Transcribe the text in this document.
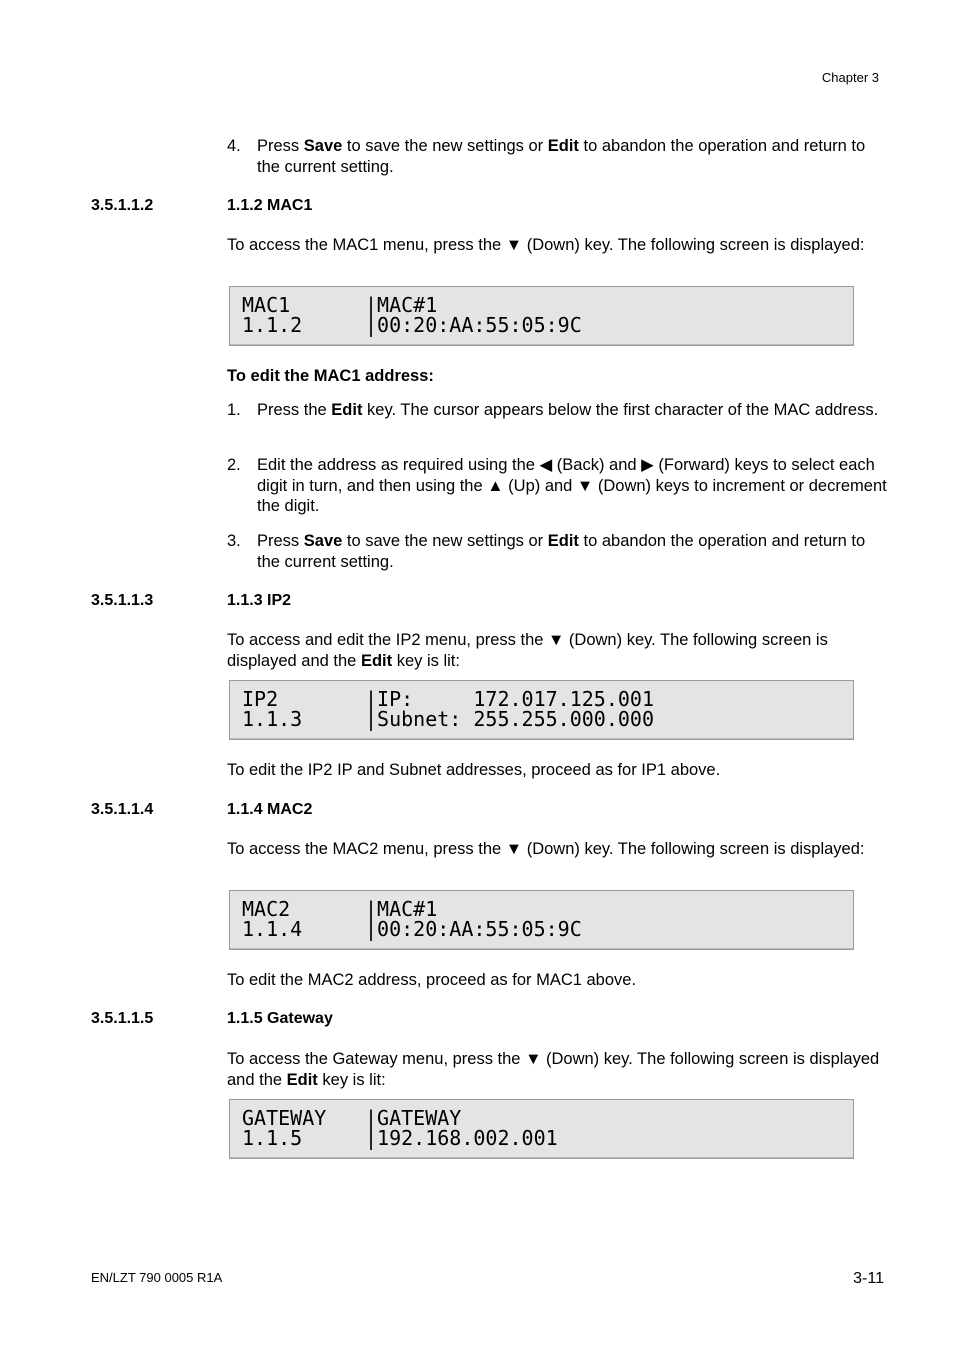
Chapter 3
4. Press Save to save the new settings or Edit to abandon the operation and return to the current setting.
3.5.1.1.2	1.1.2 MAC1
To access the MAC1 menu, press the ▼ (Down) key. The following screen is displayed:
MAC1	|MAC#1
1.1.2	|00:20:AA:55:05:9C
To edit the MAC1 address:
1. Press the Edit key. The cursor appears below the first character of the MAC address.
2. Edit the address as required using the ◀ (Back) and ▶ (Forward) keys to select each digit in turn, and then using the ▲ (Up) and ▼ (Down) keys to increment or decrement the digit.
3. Press Save to save the new settings or Edit to abandon the operation and return to the current setting.
3.5.1.1.3	1.1.3 IP2
To access and edit the IP2 menu, press the ▼ (Down) key. The following screen is displayed and the Edit key is lit:
IP2	|IP:     172.017.125.001
1.1.3	|Subnet: 255.255.000.000
To edit the IP2 IP and Subnet addresses, proceed as for IP1 above.
3.5.1.1.4	1.1.4 MAC2
To access the MAC2 menu, press the ▼ (Down) key. The following screen is displayed:
MAC2	|MAC#1
1.1.4	|00:20:AA:55:05:9C
To edit the MAC2 address, proceed as for MAC1 above.
3.5.1.1.5	1.1.5 Gateway
To access the Gateway menu, press the ▼ (Down) key. The following screen is displayed and the Edit key is lit:
GATEWAY |GATEWAY
1.1.5	|192.168.002.001
EN/LZT 790 0005 R1A	3-11
